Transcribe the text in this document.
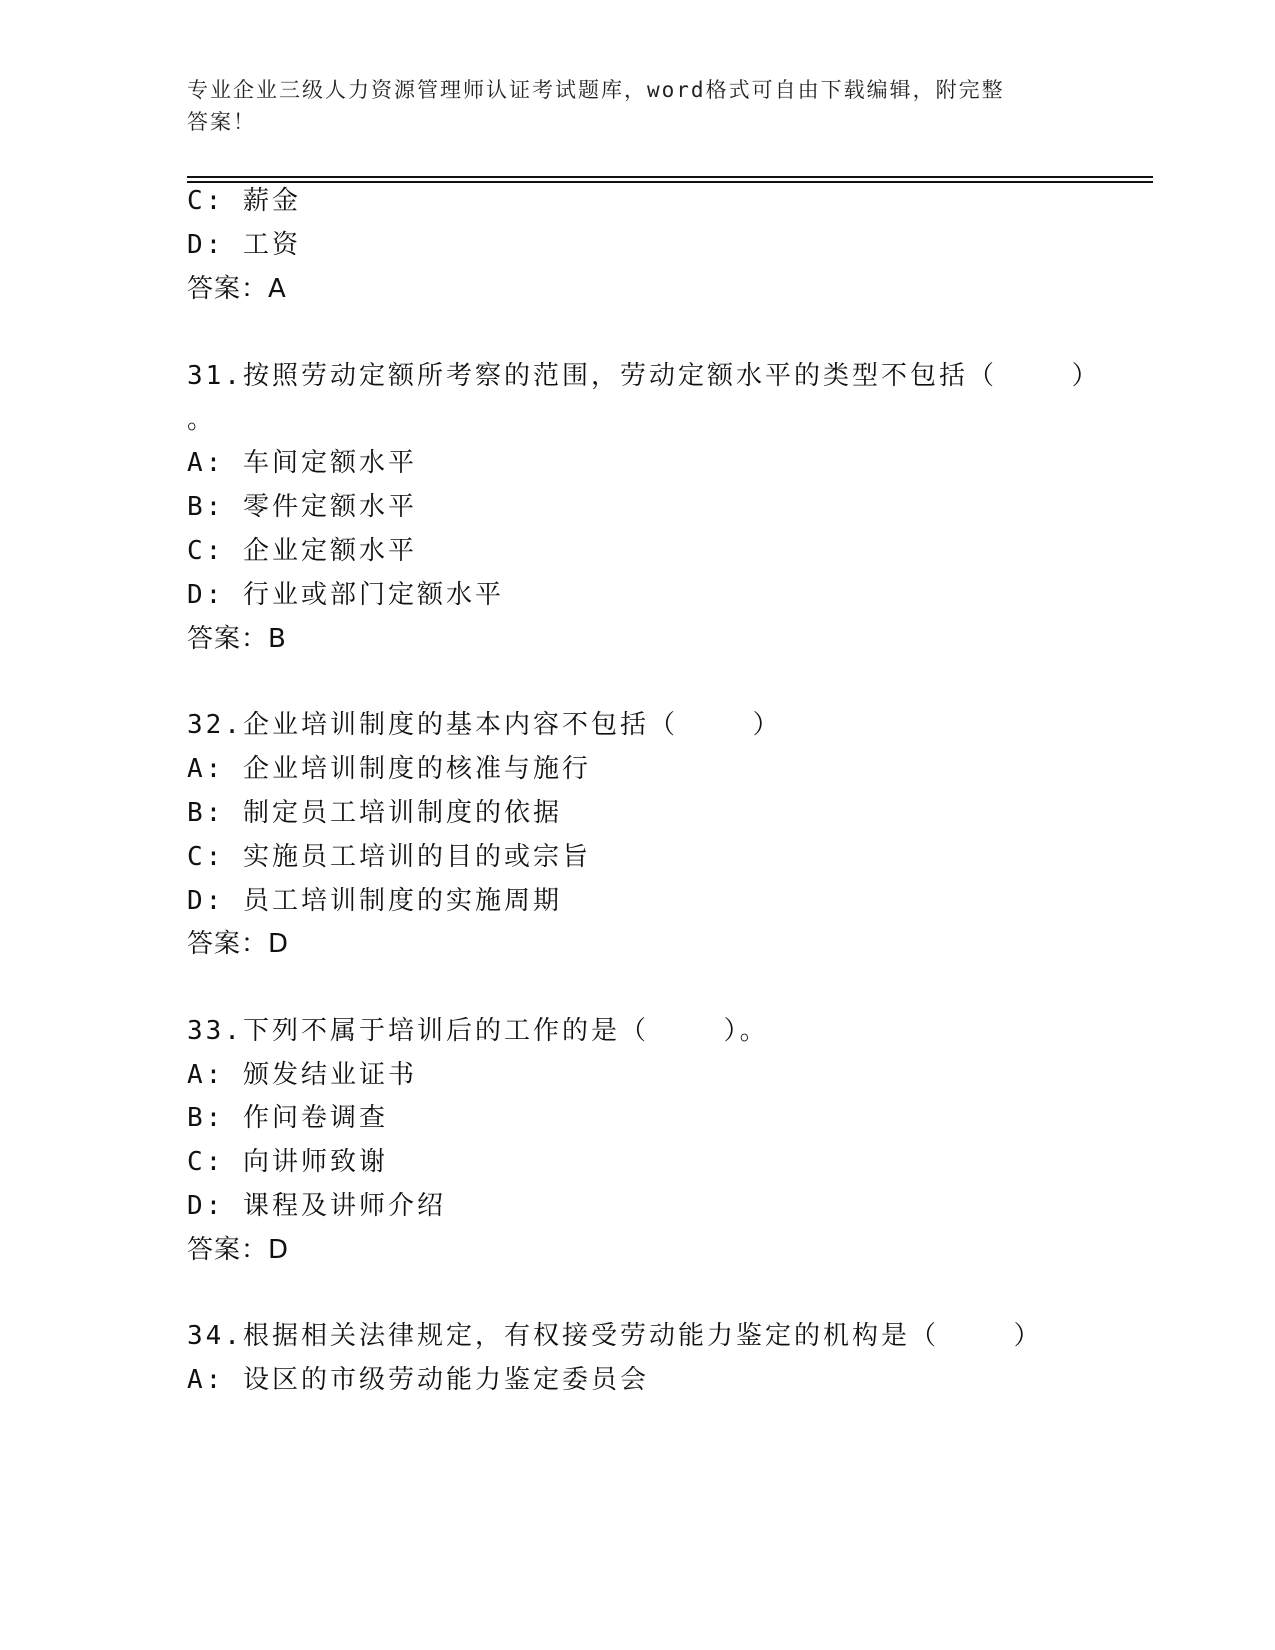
专业企业三级人力资源管理师认证考试题库，word格式可自由下载编辑，附完整
答案！
C: 薪金
D: 工资
答案：A
31.按照劳动定额所考察的范围，劳动定额水平的类型不包括（    ）
。
A: 车间定额水平
B: 零件定额水平
C: 企业定额水平
D: 行业或部门定额水平
答案：B
32.企业培训制度的基本内容不包括（    ）
A: 企业培训制度的核准与施行
B: 制定员工培训制度的依据
C: 实施员工培训的目的或宗旨
D: 员工培训制度的实施周期
答案：D
33.下列不属于培训后的工作的是（    ）。
A: 颁发结业证书
B: 作问卷调查
C: 向讲师致谢
D: 课程及讲师介绍
答案：D
34.根据相关法律规定，有权接受劳动能力鉴定的机构是（    ）
A: 设区的市级劳动能力鉴定委员会
